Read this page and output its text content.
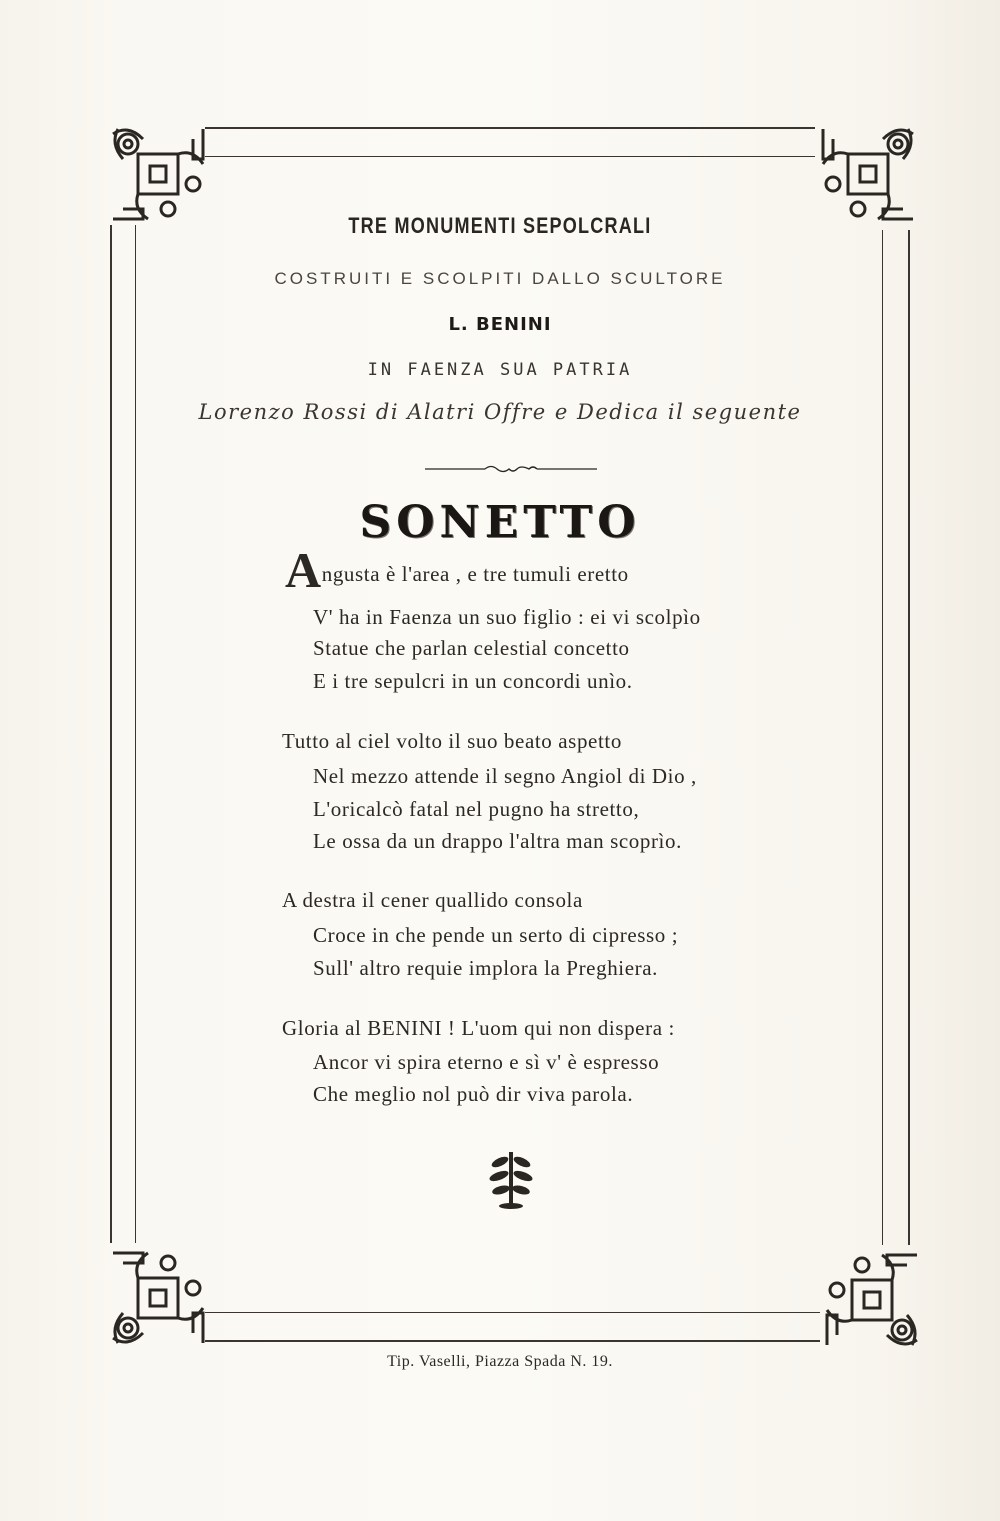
TRE MONUMENTI SEPOLCRALI
COSTRUITI E SCOLPITI DALLO SCULTORE
L. BENINI
IN FAENZA SUA PATRIA
Lorenzo Rossi di Alatri Offre e Dedica il seguente
SONETTO
Angusta è l'area , e tre tumuli eretto
V' ha in Faenza un suo figlio : ei vi scolpìo
Statue che parlan celestial concetto
E i tre sepulcri in un concordi unìo.
Tutto al ciel volto il suo beato aspetto
Nel mezzo attende il segno Angiol di Dio ,
L'oricalcò fatal nel pugno ha stretto,
Le ossa da un drappo l'altra man scoprìo.
A destra il cener quallido consola
Croce in che pende un serto di cipresso ;
Sull' altro requie implora la Preghiera.
Gloria al BENINI ! L'uom qui non dispera :
Ancor vi spira eterno e sì v' è espresso
Che meglio nol può dir viva parola.
Tip. Vaselli, Piazza Spada N. 19.
